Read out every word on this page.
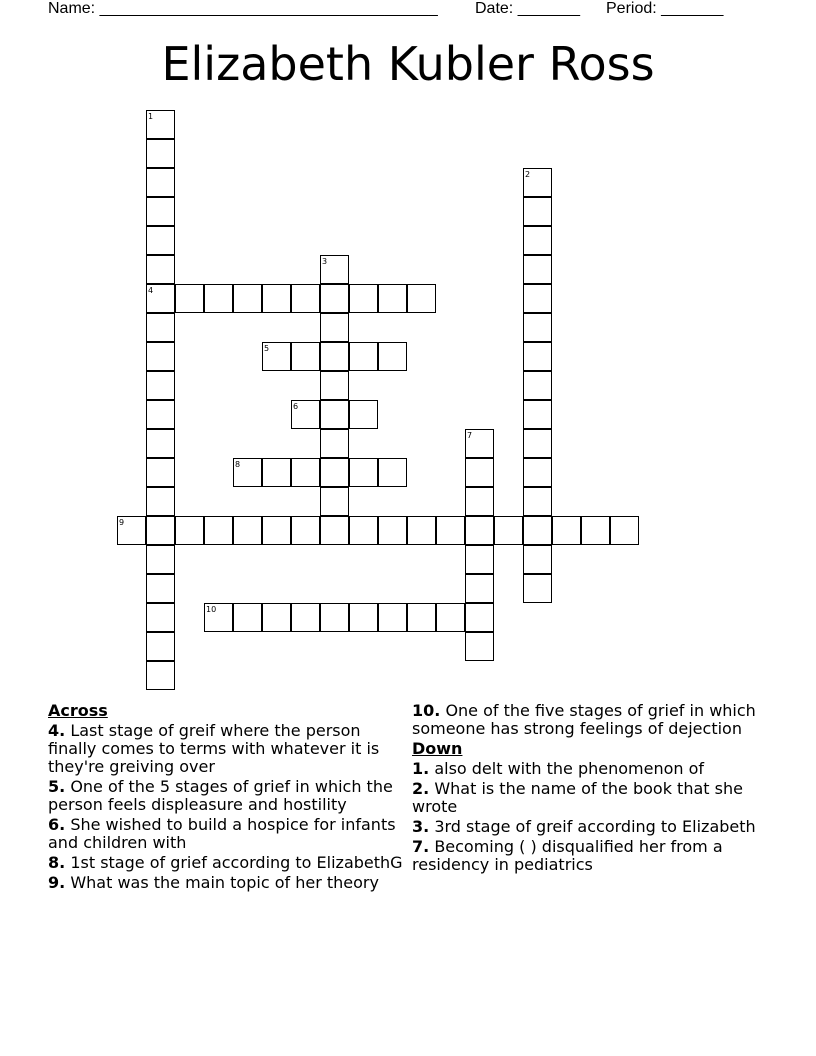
Name: ______________________________________ Date: _______ Period: _______
Elizabeth Kubler Ross
1
2
3
4
5
6
7
8
9
10
Across
4. Last stage of greif where the person finally comes to terms with whatever it is they're greiving over
5. One of the 5 stages of grief in which the person feels displeasure and hostility
6. She wished to build a hospice for infants and children with
8. 1st stage of grief according to ElizabethG
9. What was the main topic of her theory
10. One of the five stages of grief in which someone has strong feelings of dejection
Down
1. also delt with the phenomenon of
2. What is the name of the book that she wrote
3. 3rd stage of greif according to Elizabeth
7. Becoming ( ) disqualified her from a residency in pediatrics
